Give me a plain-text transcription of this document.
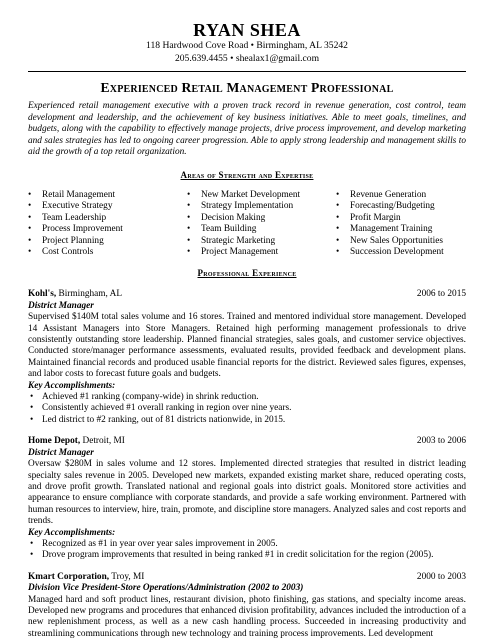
RYAN SHEA
118 Hardwood Cove Road • Birmingham, AL 35242
205.639.4455 • shealax1@gmail.com
Experienced Retail Management Professional
Experienced retail management executive with a proven track record in revenue generation, cost control, team development and leadership, and the achievement of key business initiatives. Able to meet goals, timelines, and budgets, along with the capability to effectively manage projects, drive process improvement, and develop marketing and sales strategies has led to ongoing career progression. Able to apply strong leadership and management skills to aid the growth of a top retail organization.
Areas of Strength and Expertise
• Retail Management
• Executive Strategy
• Team Leadership
• Process Improvement
• Project Planning
• Cost Controls
• New Market Development
• Strategy Implementation
• Decision Making
• Team Building
• Strategic Marketing
• Project Management
• Revenue Generation
• Forecasting/Budgeting
• Profit Margin
• Management Training
• New Sales Opportunities
• Succession Development
Professional Experience
Kohl's, Birmingham, AL	2006 to 2015
District Manager
Supervised $140M total sales volume and 16 stores. Trained and mentored individual store management. Developed 14 Assistant Managers into Store Managers. Retained high performing management professionals to drive consistently outstanding store leadership. Planned financial strategies, sales goals, and customer service objectives. Conducted store/manager performance assessments, evaluated results, provided feedback and development plans. Maintained financial records and produced usable financial reports for the district. Reviewed sales figures, expenses, and labor costs to forecast future goals and budgets.
Key Accomplishments:
• Achieved #1 ranking (company-wide) in shrink reduction.
• Consistently achieved #1 overall ranking in region over nine years.
• Led district to #2 ranking, out of 81 districts nationwide, in 2015.
Home Depot, Detroit, MI	2003 to 2006
District Manager
Oversaw $280M in sales volume and 12 stores. Implemented directed strategies that resulted in district leading specialty sales revenue in 2005. Developed new markets, expanded existing market share, reduced operating costs, and drove profit growth. Translated national and regional goals into district goals. Monitored store activities and appearance to ensure compliance with corporate standards, and provide a safe working environment. Partnered with human resources to interview, hire, train, promote, and discipline store managers. Analyzed sales and cost reports and trends.
Key Accomplishments:
• Recognized as #1 in year over year sales improvement in 2005.
• Drove program improvements that resulted in being ranked #1 in credit solicitation for the region (2005).
Kmart Corporation, Troy, MI	2000 to 2003
Division Vice President-Store Operations/Administration (2002 to 2003)
Managed hard and soft product lines, restaurant division, photo finishing, gas stations, and specialty income areas. Developed new programs and procedures that enhanced division profitability, advances included the introduction of a new replenishment process, as well as a new cash handling process. Succeeded in increasing productivity and streamlining communications through new technology and training process improvements. Led development
